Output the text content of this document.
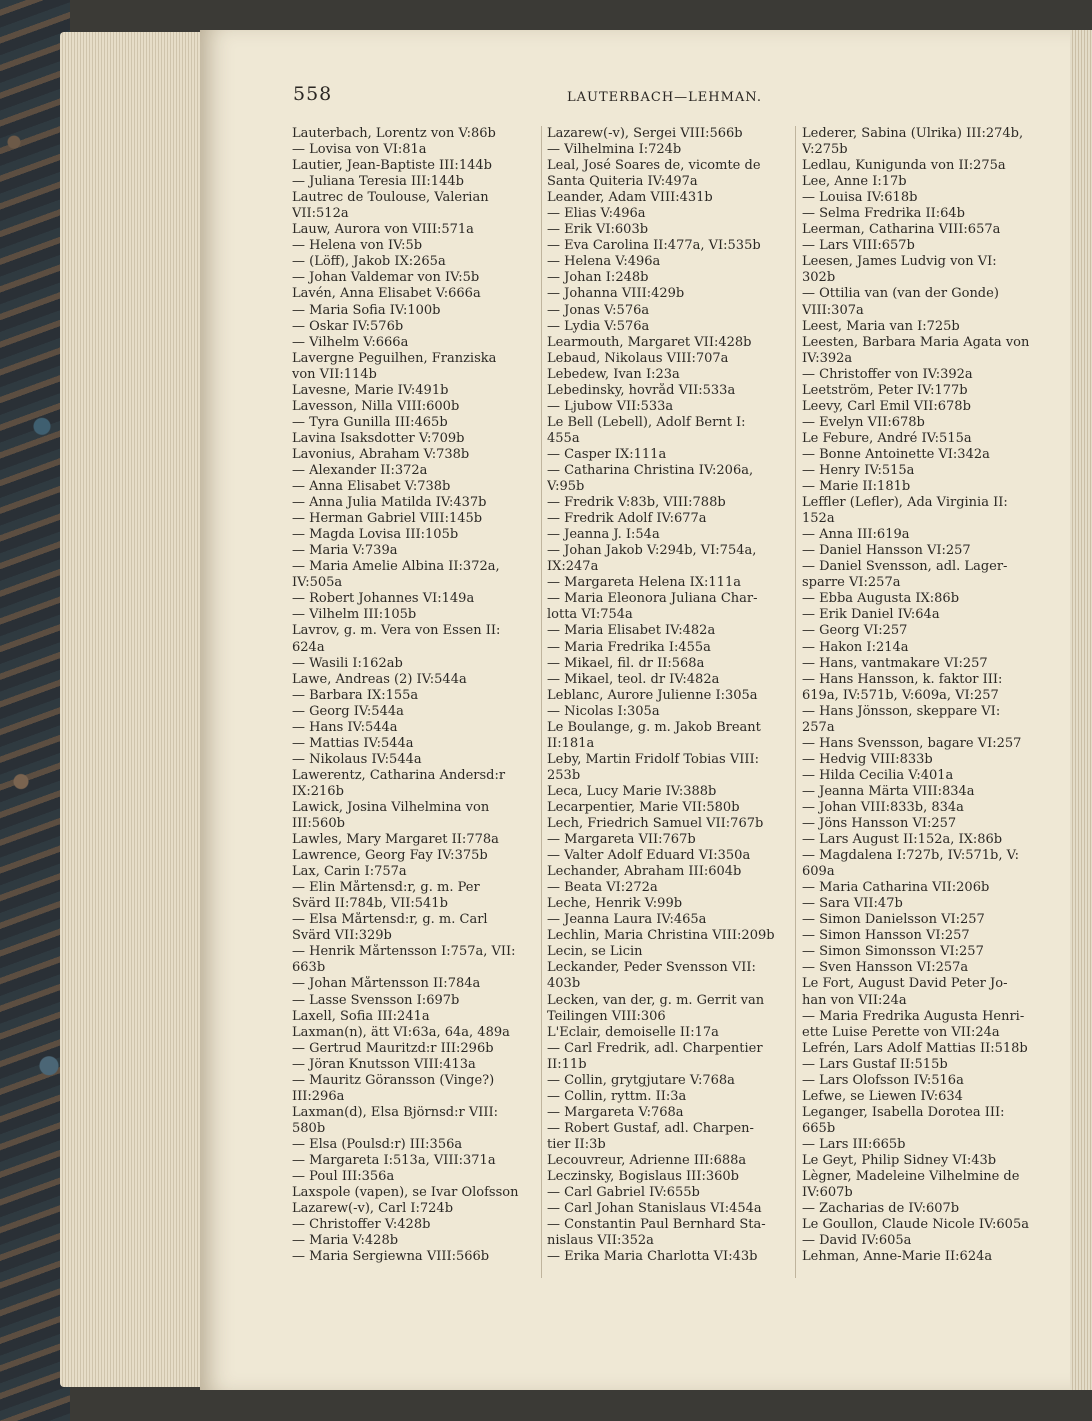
558	LAUTERBACH—LEHMAN.
Lauterbach, Lorentz von V:86b
— Lovisa von VI:81a
Lautier, Jean-Baptiste III:144b
— Juliana Teresia III:144b
Lautrec de Toulouse, Valerian
VII:512a
Lauw, Aurora von VIII:571a
— Helena von IV:5b
— (Löff), Jakob IX:265a
— Johan Valdemar von IV:5b
Lavén, Anna Elisabet V:666a
— Maria Sofia IV:100b
— Oskar IV:576b
— Vilhelm V:666a
Lavergne Peguilhen, Franziska
von VII:114b
Lavesne, Marie IV:491b
Lavesson, Nilla VIII:600b
— Tyra Gunilla III:465b
Lavina Isaksdotter V:709b
Lavonius, Abraham V:738b
— Alexander II:372a
— Anna Elisabet V:738b
— Anna Julia Matilda IV:437b
— Herman Gabriel VIII:145b
— Magda Lovisa III:105b
— Maria V:739a
— Maria Amelie Albina II:372a,
IV:505a
— Robert Johannes VI:149a
— Vilhelm III:105b
Lavrov, g. m. Vera von Essen II:
624a
— Wasili I:162ab
Lawe, Andreas (2) IV:544a
— Barbara IX:155a
— Georg IV:544a
— Hans IV:544a
— Mattias IV:544a
— Nikolaus IV:544a
Lawerentz, Catharina Andersd:r
IX:216b
Lawick, Josina Vilhelmina von
III:560b
Lawles, Mary Margaret II:778a
Lawrence, Georg Fay IV:375b
Lax, Carin I:757a
— Elin Mårtensd:r, g. m. Per
Svärd II:784b, VII:541b
— Elsa Mårtensd:r, g. m. Carl
Svärd VII:329b
— Henrik Mårtensson I:757a, VII:
663b
— Johan Mårtensson II:784a
— Lasse Svensson I:697b
Laxell, Sofia III:241a
Laxman(n), ätt VI:63a, 64a, 489a
— Gertrud Mauritzd:r III:296b
— Jöran Knutsson VIII:413a
— Mauritz Göransson (Vinge?)
III:296a
Laxman(d), Elsa Björnsd:r VIII:
580b
— Elsa (Poulsd:r) III:356a
— Margareta I:513a, VIII:371a
— Poul III:356a
Laxspole (vapen), se Ivar Olofsson
Lazarew(-v), Carl I:724b
— Christoffer V:428b
— Maria V:428b
— Maria Sergiewna VIII:566b
Lazarew(-v), Sergei VIII:566b
— Vilhelmina I:724b
Leal, José Soares de, vicomte de
Santa Quiteria IV:497a
Leander, Adam VIII:431b
— Elias V:496a
— Erik VI:603b
— Eva Carolina II:477a, VI:535b
— Helena V:496a
— Johan I:248b
— Johanna VIII:429b
— Jonas V:576a
— Lydia V:576a
Learmouth, Margaret VII:428b
Lebaud, Nikolaus VIII:707a
Lebedew, Ivan I:23a
Lebedinsky, hovråd VII:533a
— Ljubow VII:533a
Le Bell (Lebell), Adolf Bernt I:
455a
— Casper IX:111a
— Catharina Christina IV:206a,
V:95b
— Fredrik V:83b, VIII:788b
— Fredrik Adolf IV:677a
— Jeanna J. I:54a
— Johan Jakob V:294b, VI:754a,
IX:247a
— Margareta Helena IX:111a
— Maria Eleonora Juliana Char-
lotta VI:754a
— Maria Elisabet IV:482a
— Maria Fredrika I:455a
— Mikael, fil. dr II:568a
— Mikael, teol. dr IV:482a
Leblanc, Aurore Julienne I:305a
— Nicolas I:305a
Le Boulange, g. m. Jakob Breant
II:181a
Leby, Martin Fridolf Tobias VIII:
253b
Leca, Lucy Marie IV:388b
Lecarpentier, Marie VII:580b
Lech, Friedrich Samuel VII:767b
— Margareta VII:767b
— Valter Adolf Eduard VI:350a
Lechander, Abraham III:604b
— Beata VI:272a
Leche, Henrik V:99b
— Jeanna Laura IV:465a
Lechlin, Maria Christina VIII:209b
Lecin, se Licin
Leckander, Peder Svensson VII:
403b
Lecken, van der, g. m. Gerrit van
Teilingen VIII:306
L'Eclair, demoiselle II:17a
— Carl Fredrik, adl. Charpentier
II:11b
— Collin, grytgjutare V:768a
— Collin, ryttm. II:3a
— Margareta V:768a
— Robert Gustaf, adl. Charpen-
tier II:3b
Lecouvreur, Adrienne III:688a
Leczinsky, Bogislaus III:360b
— Carl Gabriel IV:655b
— Carl Johan Stanislaus VI:454a
— Constantin Paul Bernhard Sta-
nislaus VII:352a
— Erika Maria Charlotta VI:43b
Lederer, Sabina (Ulrika) III:274b,
V:275b
Ledlau, Kunigunda von II:275a
Lee, Anne I:17b
— Louisa IV:618b
— Selma Fredrika II:64b
Leerman, Catharina VIII:657a
— Lars VIII:657b
Leesen, James Ludvig von VI:
302b
— Ottilia van (van der Gonde)
VIII:307a
Leest, Maria van I:725b
Leesten, Barbara Maria Agata von
IV:392a
— Christoffer von IV:392a
Leetström, Peter IV:177b
Leevy, Carl Emil VII:678b
— Evelyn VII:678b
Le Febure, André IV:515a
— Bonne Antoinette VI:342a
— Henry IV:515a
— Marie II:181b
Leffler (Lefler), Ada Virginia II:
152a
— Anna III:619a
— Daniel Hansson VI:257
— Daniel Svensson, adl. Lager-
sparre VI:257a
— Ebba Augusta IX:86b
— Erik Daniel IV:64a
— Georg VI:257
— Hakon I:214a
— Hans, vantmakare VI:257
— Hans Hansson, k. faktor III:
619a, IV:571b, V:609a, VI:257
— Hans Jönsson, skeppare VI:
257a
— Hans Svensson, bagare VI:257
— Hedvig VIII:833b
— Hilda Cecilia V:401a
— Jeanna Märta VIII:834a
— Johan VIII:833b, 834a
— Jöns Hansson VI:257
— Lars August II:152a, IX:86b
— Magdalena I:727b, IV:571b, V:
609a
— Maria Catharina VII:206b
— Sara VII:47b
— Simon Danielsson VI:257
— Simon Hansson VI:257
— Simon Simonsson VI:257
— Sven Hansson VI:257a
Le Fort, August David Peter Jo-
han von VII:24a
— Maria Fredrika Augusta Henri-
ette Luise Perette von VII:24a
Lefrén, Lars Adolf Mattias II:518b
— Lars Gustaf II:515b
— Lars Olofsson IV:516a
Lefwe, se Liewen IV:634
Leganger, Isabella Dorotea III:
665b
— Lars III:665b
Le Geyt, Philip Sidney VI:43b
Lègner, Madeleine Vilhelmine de
IV:607b
— Zacharias de IV:607b
Le Goullon, Claude Nicole IV:605a
— David IV:605a
Lehman, Anne-Marie II:624a
